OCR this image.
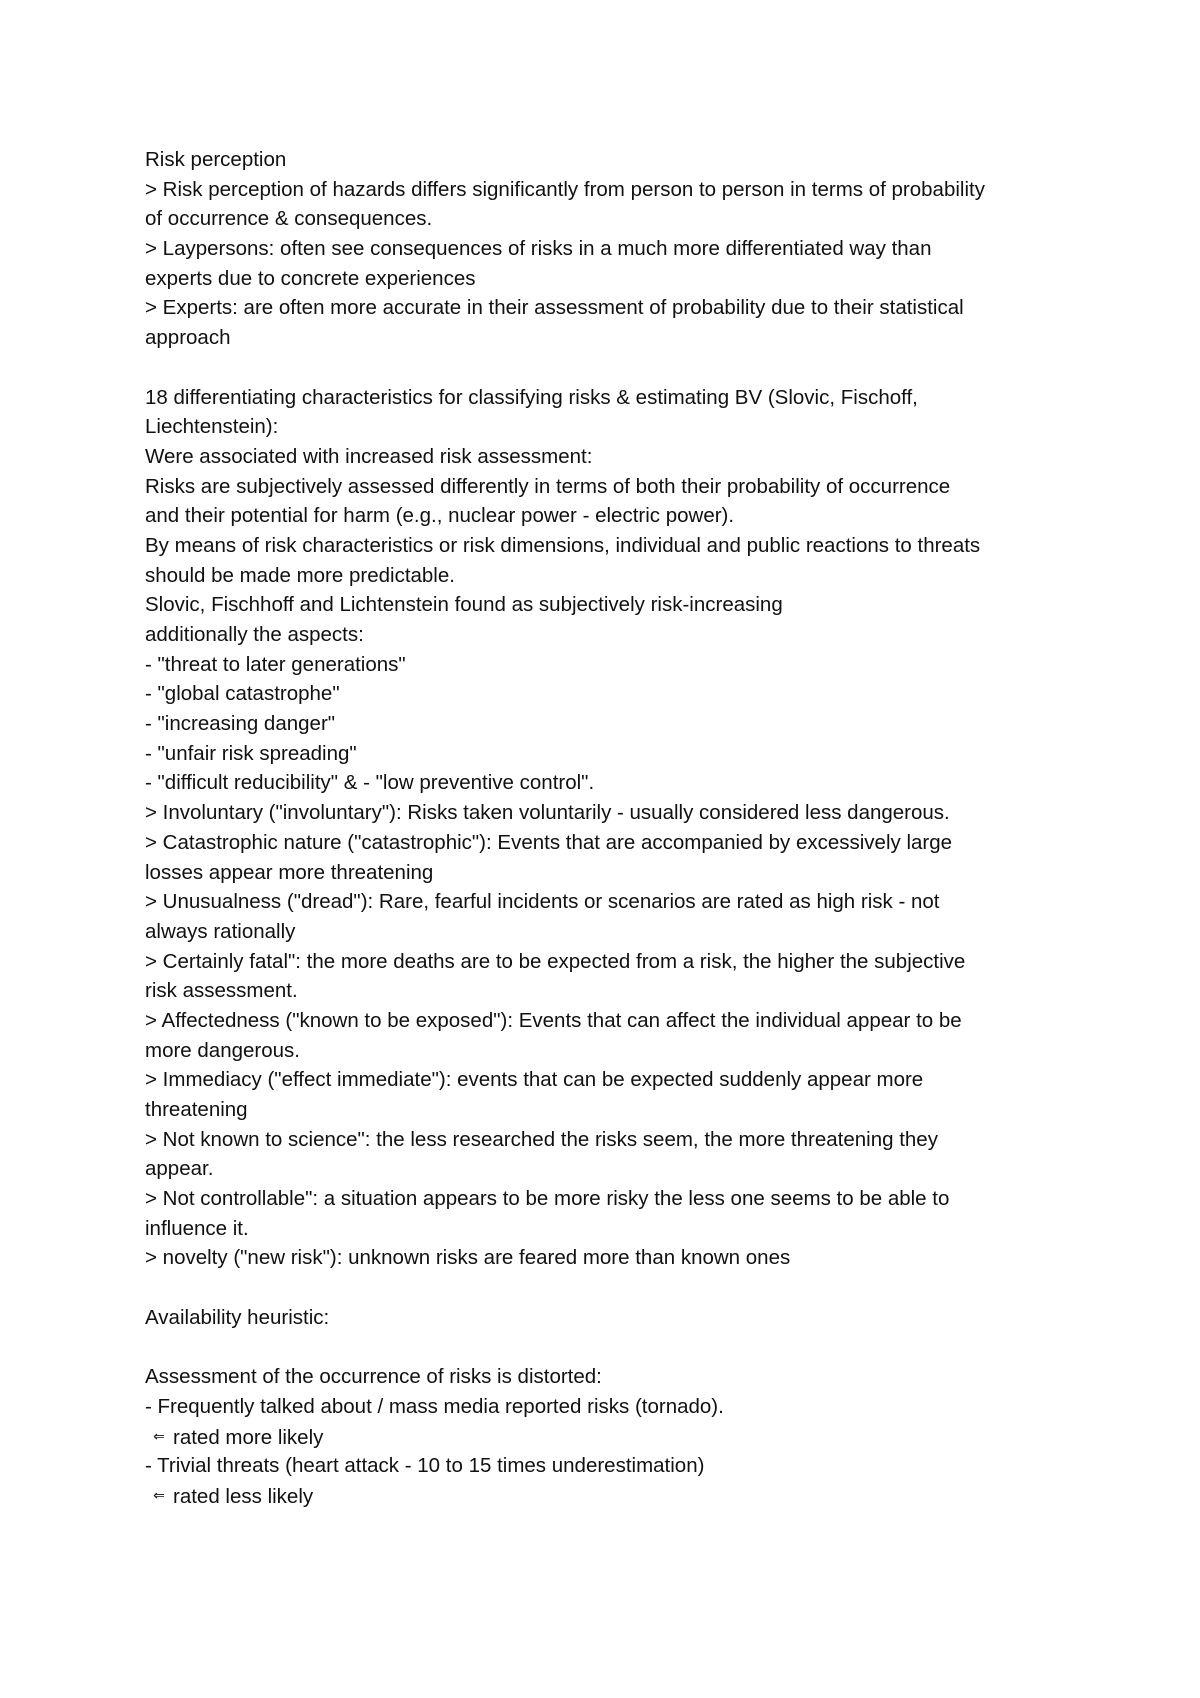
Risk perception
> Risk perception of hazards differs significantly from person to person in terms of probability
of occurrence & consequences.
> Laypersons: often see consequences of risks in a much more differentiated way than
experts due to concrete experiences
> Experts: are often more accurate in their assessment of probability due to their statistical
approach
18 differentiating characteristics for classifying risks & estimating BV (Slovic, Fischoff,
Liechtenstein):
Were associated with increased risk assessment:
Risks are subjectively assessed differently in terms of both their probability of occurrence
and their potential for harm (e.g., nuclear power - electric power).
By means of risk characteristics or risk dimensions, individual and public reactions to threats
should be made more predictable.
Slovic, Fischhoff and Lichtenstein found as subjectively risk-increasing
additionally the aspects:
- "threat to later generations"
- "global catastrophe"
- "increasing danger"
- "unfair risk spreading"
- "difficult reducibility" & - "low preventive control".
> Involuntary ("involuntary"): Risks taken voluntarily - usually considered less dangerous.
> Catastrophic nature ("catastrophic"): Events that are accompanied by excessively large
losses appear more threatening
> Unusualness ("dread"): Rare, fearful incidents or scenarios are rated as high risk - not
always rationally
> Certainly fatal": the more deaths are to be expected from a risk, the higher the subjective
risk assessment.
> Affectedness ("known to be exposed"): Events that can affect the individual appear to be
more dangerous.
> Immediacy ("effect immediate"): events that can be expected suddenly appear more
threatening
> Not known to science": the less researched the risks seem, the more threatening they
appear.
> Not controllable": a situation appears to be more risky the less one seems to be able to
influence it.
> novelty ("new risk"): unknown risks are feared more than known ones
Availability heuristic:
Assessment of the occurrence of risks is distorted:
- Frequently talked about / mass media reported risks (tornado).
⇐ rated more likely
- Trivial threats (heart attack - 10 to 15 times underestimation)
⇐ rated less likely
